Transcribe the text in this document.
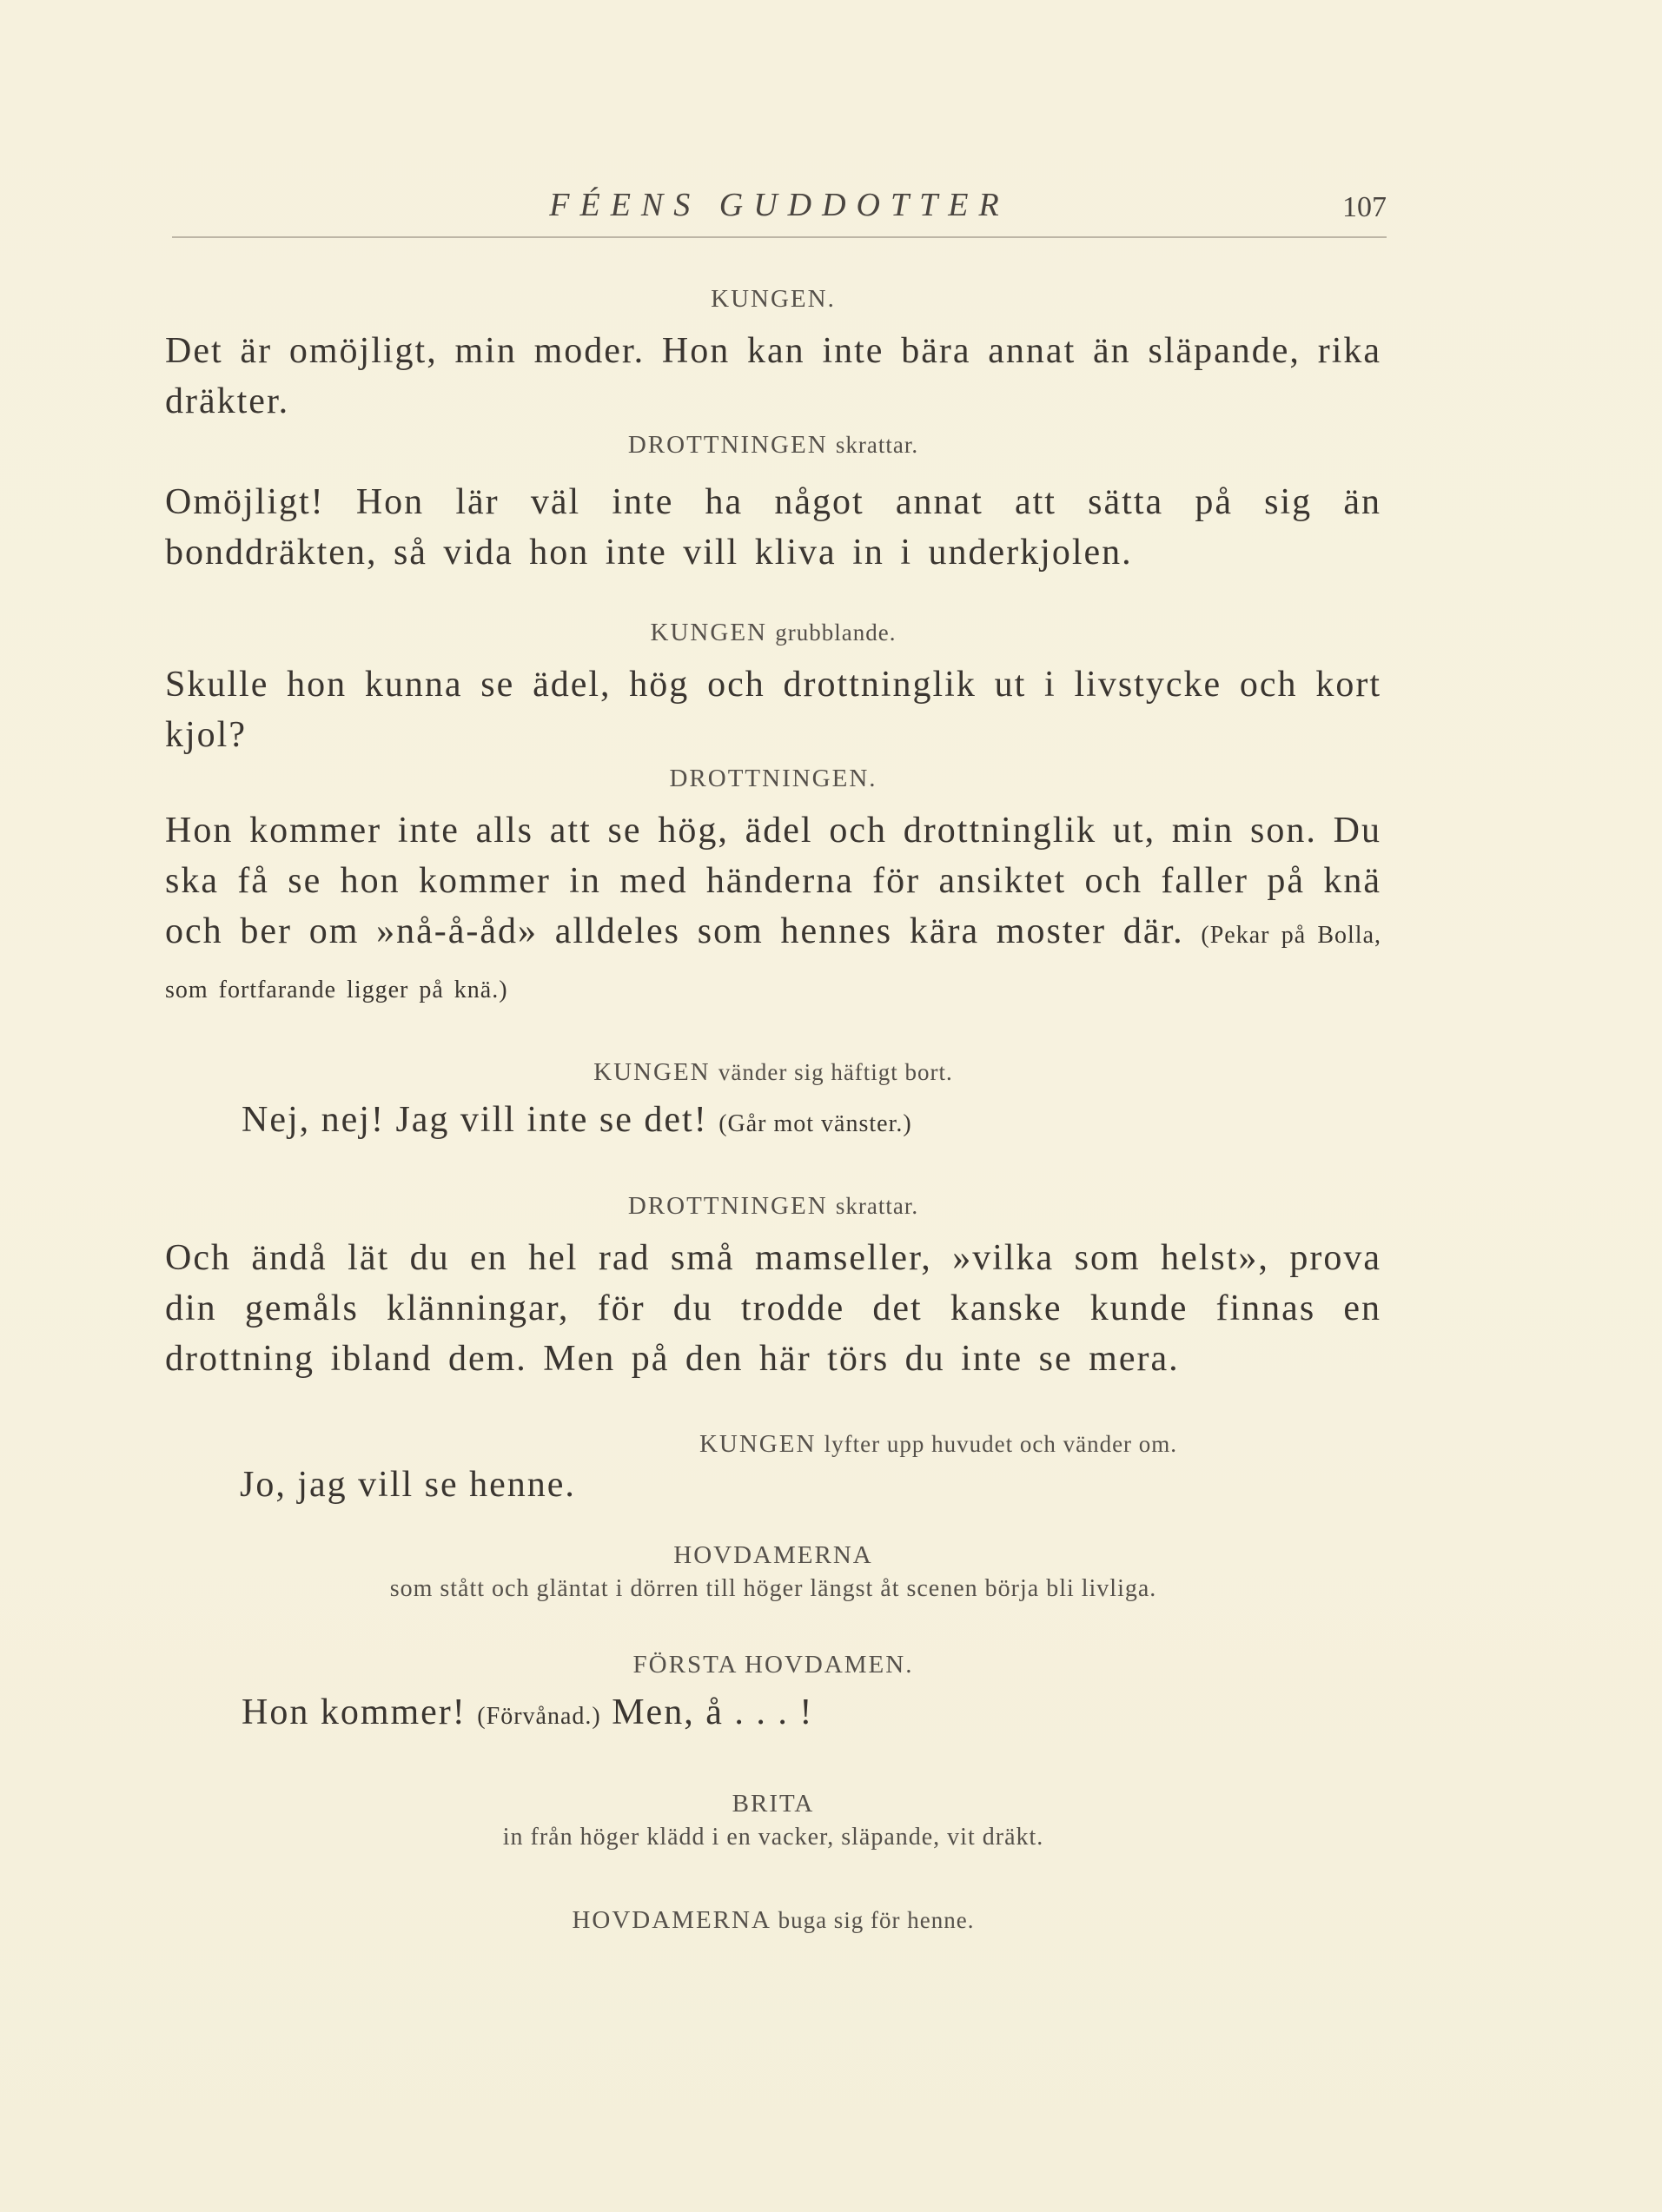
FÉENS GUDDOTTER	107
KUNGEN.
Det är omöjligt, min moder. Hon kan inte bära annat än släpande, rika dräkter.
DROTTNINGEN skrattar.
Omöjligt! Hon lär väl inte ha något annat att sätta på sig än bonddräkten, så vida hon inte vill kliva in i underkjolen.
KUNGEN grubblande.
Skulle hon kunna se ädel, hög och drottninglik ut i livstycke och kort kjol?
DROTTNINGEN.
Hon kommer inte alls att se hög, ädel och drottninglik ut, min son. Du ska få se hon kommer in med händerna för ansiktet och faller på knä och ber om »nå-å-åd» alldeles som hennes kära moster där. (Pekar på Bolla, som fortfarande ligger på knä.)
KUNGEN vänder sig häftigt bort.
Nej, nej! Jag vill inte se det! (Går mot vänster.)
DROTTNINGEN skrattar.
Och ändå lät du en hel rad små mamseller, »vilka som helst», prova din gemåls klänningar, för du trodde det kanske kunde finnas en drottning ibland dem. Men på den här törs du inte se mera.
KUNGEN lyfter upp huvudet och vänder om.
Jo, jag vill se henne.
HOVDAMERNA
som stått och gläntat i dörren till höger längst åt scenen börja bli livliga.
FÖRSTA HOVDAMEN.
Hon kommer! (Förvånad.) Men, å . . . !
BRITA
in från höger klädd i en vacker, släpande, vit dräkt.
HOVDAMERNA buga sig för henne.
